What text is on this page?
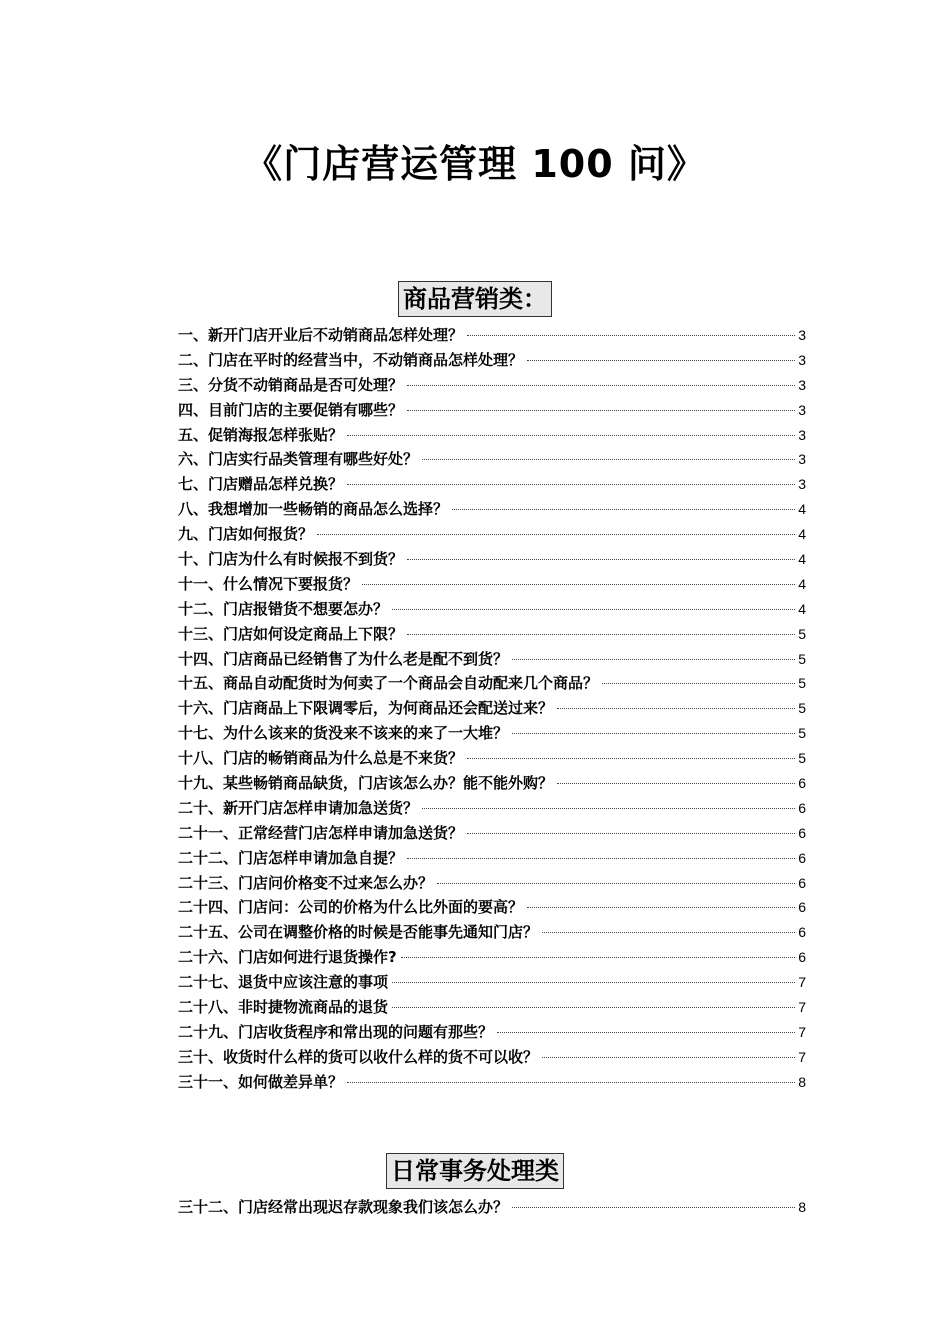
《门店营运管理 100 问》
商品营销类：
一、新开门店开业后不动销商品怎样处理？	3
二、门店在平时的经营当中，不动销商品怎样处理？	3
三、分货不动销商品是否可处理？	3
四、目前门店的主要促销有哪些？	3
五、促销海报怎样张贴？	3
六、门店实行品类管理有哪些好处？	3
七、门店赠品怎样兑换？	3
八、我想增加一些畅销的商品怎么选择？	4
九、门店如何报货？	4
十、门店为什么有时候报不到货？	4
十一、什么情况下要报货？	4
十二、门店报错货不想要怎办？	4
十三、门店如何设定商品上下限？	5
十四、门店商品已经销售了为什么老是配不到货？	5
十五、商品自动配货时为何卖了一个商品会自动配来几个商品？	5
十六、门店商品上下限调零后，为何商品还会配送过来？	5
十七、为什么该来的货没来不该来的来了一大堆？	5
十八、门店的畅销商品为什么总是不来货？	5
十九、某些畅销商品缺货，门店该怎么办？能不能外购？	6
二十、新开门店怎样申请加急送货？	6
二十一、正常经营门店怎样申请加急送货？	6
二十二、门店怎样申请加急自提？	6
二十三、门店问价格变不过来怎么办？	6
二十四、门店问：公司的价格为什么比外面的要高？	6
二十五、公司在调整价格的时候是否能事先通知门店？	6
二十六、门店如何进行退货操作?	6
二十七、退货中应该注意的事项	7
二十八、非时捷物流商品的退货	7
二十九、门店收货程序和常出现的问题有那些？	7
三十、收货时什么样的货可以收什么样的货不可以收？	7
三十一、如何做差异单？	8
日常事务处理类
三十二、门店经常出现迟存款现象我们该怎么办？	8
